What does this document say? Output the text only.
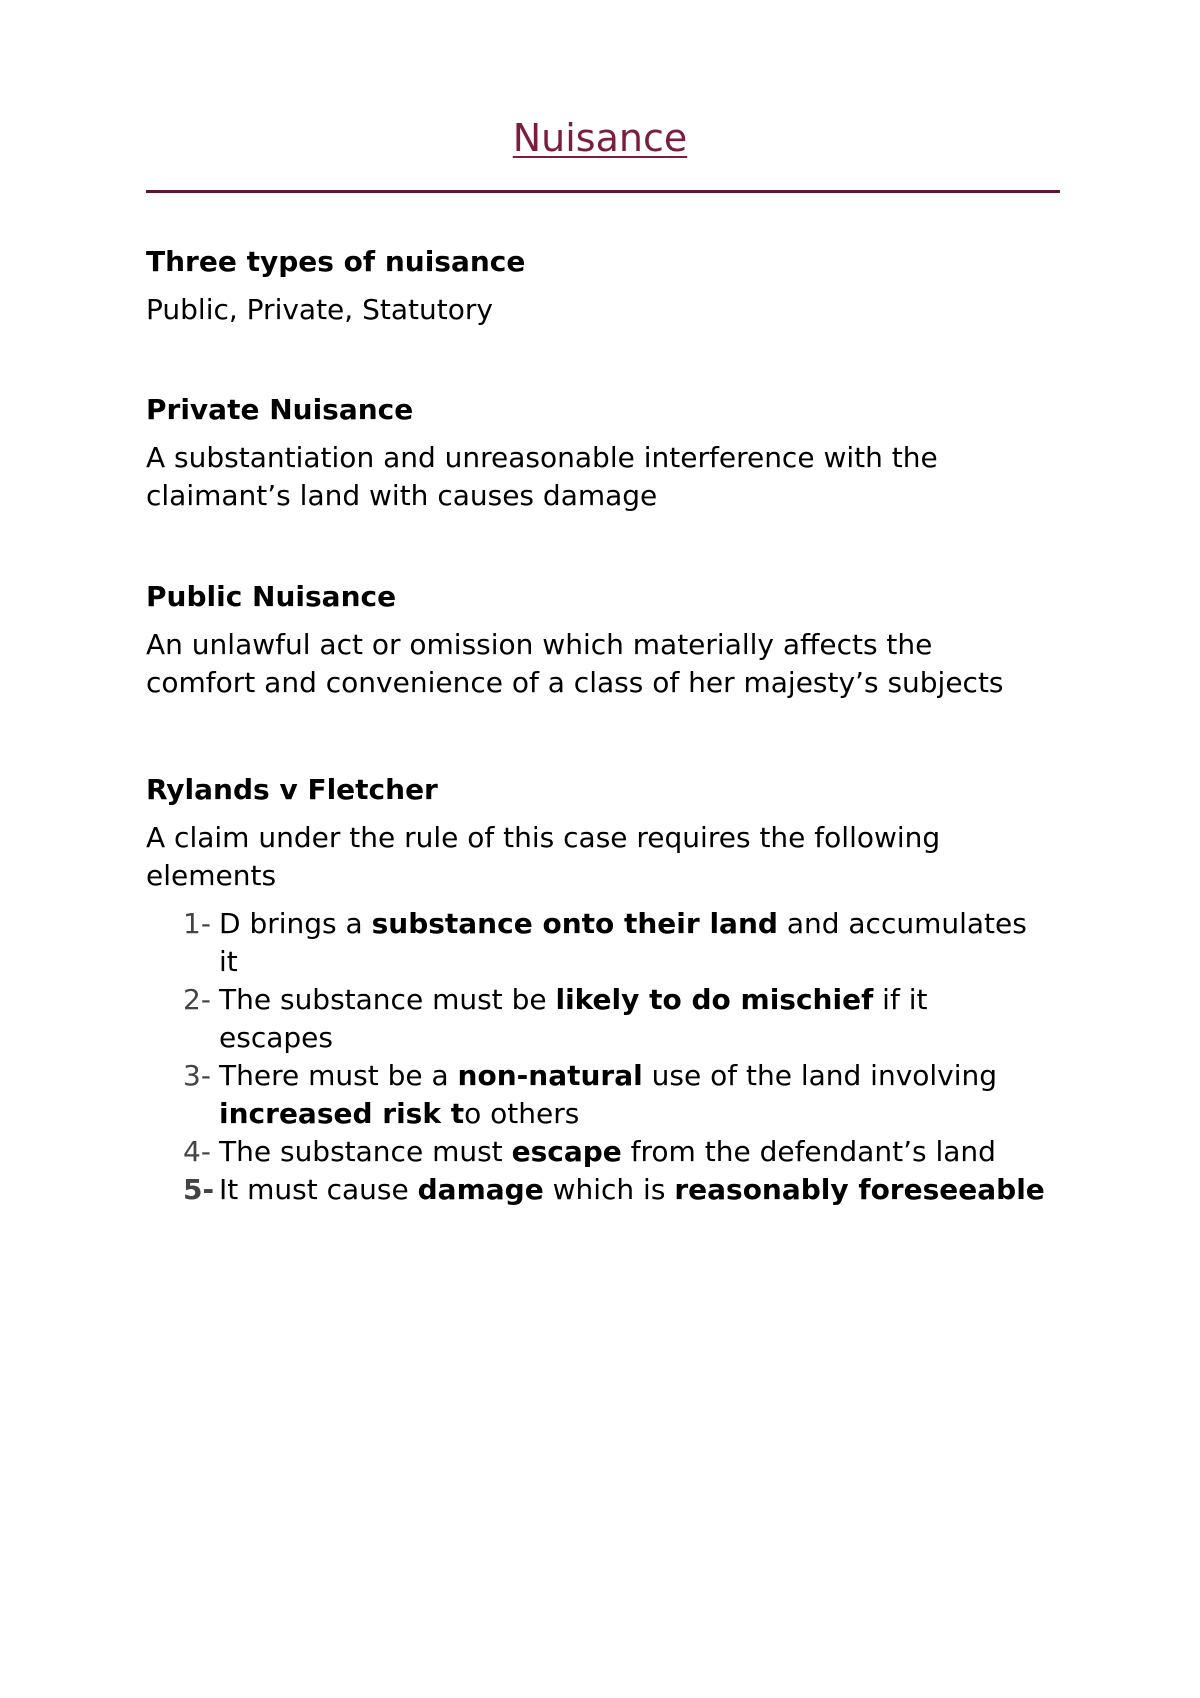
Nuisance
Three types of nuisance
Public, Private, Statutory
Private Nuisance
A substantiation and unreasonable interference with the claimant’s land with causes damage
Public Nuisance
An unlawful act or omission which materially affects the comfort and convenience of a class of her majesty’s subjects
Rylands v Fletcher
A claim under the rule of this case requires the following elements
1- D brings a substance onto their land and accumulates it
2- The substance must be likely to do mischief if it escapes
3- There must be a non-natural use of the land involving increased risk to others
4- The substance must escape from the defendant’s land
5- It must cause damage which is reasonably foreseeable
